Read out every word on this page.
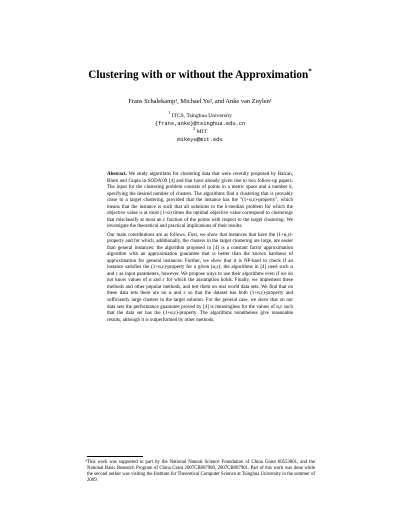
Clustering with or without the Approximation*
Frans Schalekamp¹, Michael Yu², and Anke van Zuylen¹
$^1$ ITCS, Tsinghua University
{frans,anke}@tsinghua.edu.cn
$^2$ MIT
mikeyu@mit.edu

Abstract. We study algorithms for clustering data that were recently proposed by Balcan, Blum and Gupta in SODA'09 [4] and that have already given rise to two follow-up papers. The input for the clustering problem consists of points in a metric space and a number k, specifying the desired number of clusters. The algorithms find a clustering that is provably close to a target clustering, provided that the instance has the "(1+α,ε)-property", which means that the instance is such that all solutions to the k-median problem for which the objective value is at most (1+α) times the optimal objective value correspond to clusterings that misclassify at most an ε fraction of the points with respect to the target clustering. We investigate the theoretical and practical implications of their results.

Our main contributions are as follows. First, we show that instances that have the (1+α,ε)-property and for which, additionally, the clusters in the target clustering are large, are easier than general instances: the algorithm proposed in [4] is a constant factor approximation algorithm with an approximation guarantee that is better than the known hardness of approximation for general instances. Further, we show that it is NP-hard to check if an instance satisfies the (1+α,ε)-property for a given (α,ε); the algorithms in [4] need such α and ε as input parameters, however. We propose ways to use their algorithms even if we do not know values of α and ε for which the assumption holds. Finally, we implement these methods and other popular methods, and test them on real world data sets. We find that on these data sets there are no α and ε so that the dataset has both (1+α,ε)-property and sufficiently large clusters in the target solution. For the general case, we show that on our data sets the performance guarantee proved by [4] is meaningless for the values of α,ε such that the data set has the (1+α,ε)-property. The algorithms nonetheless give reasonable results, although it is outperformed by other methods.

* This work was supported in part by the National Natural Science Foundation of China Grant 60553001, and the National Basic Research Program of China Grant 2007CB807900, 2007CB807901. Part of this work was done while the second author was visiting the Institute for Theoretical Computer Science at Tsinghua University in the summer of 2009.
